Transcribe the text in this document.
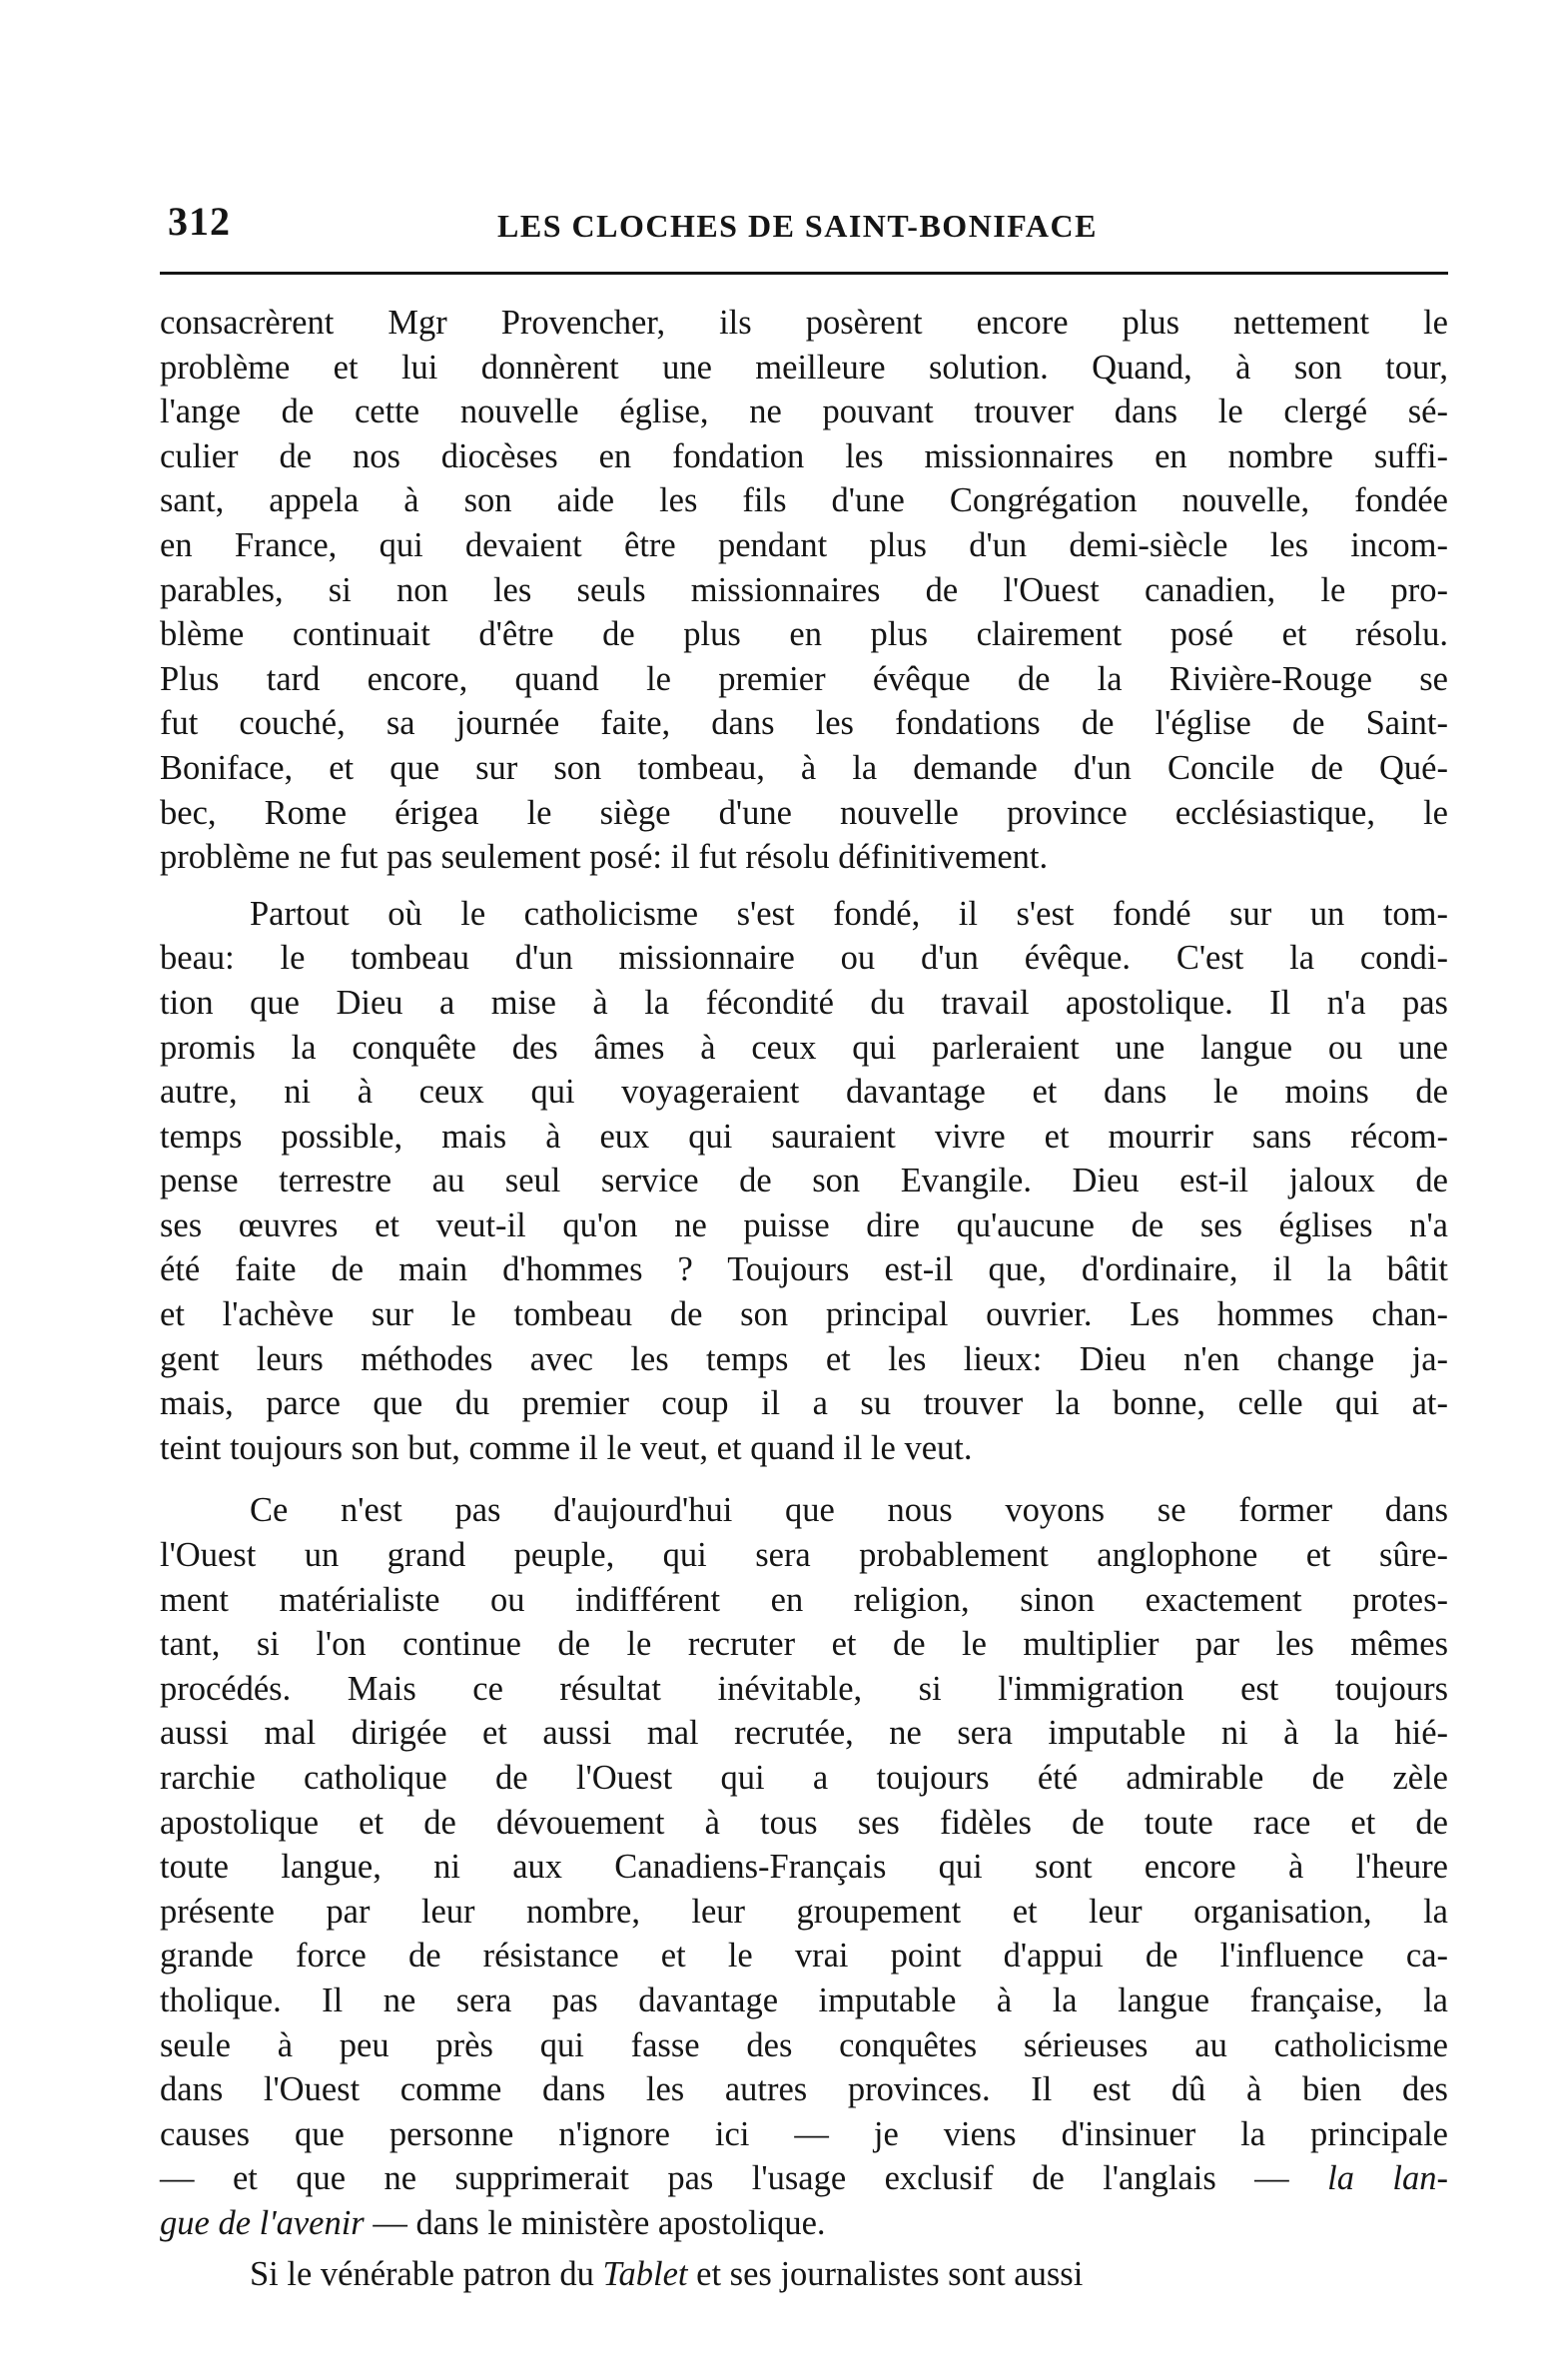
312	LES CLOCHES DE SAINT-BONIFACE
consacrèrent Mgr Provencher, ils posèrent encore plus nettement le
problème et lui donnèrent une meilleure solution. Quand, à son tour,
l'ange de cette nouvelle église, ne pouvant trouver dans le clergé sé-
culier de nos diocèses en fondation les missionnaires en nombre suffi-
sant, appela à son aide les fils d'une Congrégation nouvelle, fondée
en France, qui devaient être pendant plus d'un demi-siècle les incom-
parables, si non les seuls missionnaires de l'Ouest canadien, le pro-
blème continuait d'être de plus en plus clairement posé et résolu.
Plus tard encore, quand le premier évêque de la Rivière-Rouge se
fut couché, sa journée faite, dans les fondations de l'église de Saint-
Boniface, et que sur son tombeau, à la demande d'un Concile de Qué-
bec, Rome érigea le siège d'une nouvelle province ecclésiastique, le
problème ne fut pas seulement posé: il fut résolu définitivement.
Partout où le catholicisme s'est fondé, il s'est fondé sur un tom-
beau: le tombeau d'un missionnaire ou d'un évêque. C'est la condi-
tion que Dieu a mise à la fécondité du travail apostolique. Il n'a pas
promis la conquête des âmes à ceux qui parleraient une langue ou une
autre, ni à ceux qui voyageraient davantage et dans le moins de
temps possible, mais à eux qui sauraient vivre et mourrir sans récom-
pense terrestre au seul service de son Evangile. Dieu est-il jaloux de
ses œuvres et veut-il qu'on ne puisse dire qu'aucune de ses églises n'a
été faite de main d'hommes ? Toujours est-il que, d'ordinaire, il la bâtit
et l'achève sur le tombeau de son principal ouvrier. Les hommes chan-
gent leurs méthodes avec les temps et les lieux: Dieu n'en change ja-
mais, parce que du premier coup il a su trouver la bonne, celle qui at-
teint toujours son but, comme il le veut, et quand il le veut.
Ce n'est pas d'aujourd'hui que nous voyons se former dans
l'Ouest un grand peuple, qui sera probablement anglophone et sûre-
ment matérialiste ou indifférent en religion, sinon exactement protes-
tant, si l'on continue de le recruter et de le multiplier par les mêmes
procédés. Mais ce résultat inévitable, si l'immigration est toujours
aussi mal dirigée et aussi mal recrutée, ne sera imputable ni à la hié-
rarchie catholique de l'Ouest qui a toujours été admirable de zèle
apostolique et de dévouement à tous ses fidèles de toute race et de
toute langue, ni aux Canadiens-Français qui sont encore à l'heure
présente par leur nombre, leur groupement et leur organisation, la
grande force de résistance et le vrai point d'appui de l'influence ca-
tholique. Il ne sera pas davantage imputable à la langue française, la
seule à peu près qui fasse des conquêtes sérieuses au catholicisme
dans l'Ouest comme dans les autres provinces. Il est dû à bien des
causes que personne n'ignore ici — je viens d'insinuer la principale
— et que ne supprimerait pas l'usage exclusif de l'anglais — la lan-
gue de l'avenir — dans le ministère apostolique.
Si le vénérable patron du Tablet et ses journalistes sont aussi
